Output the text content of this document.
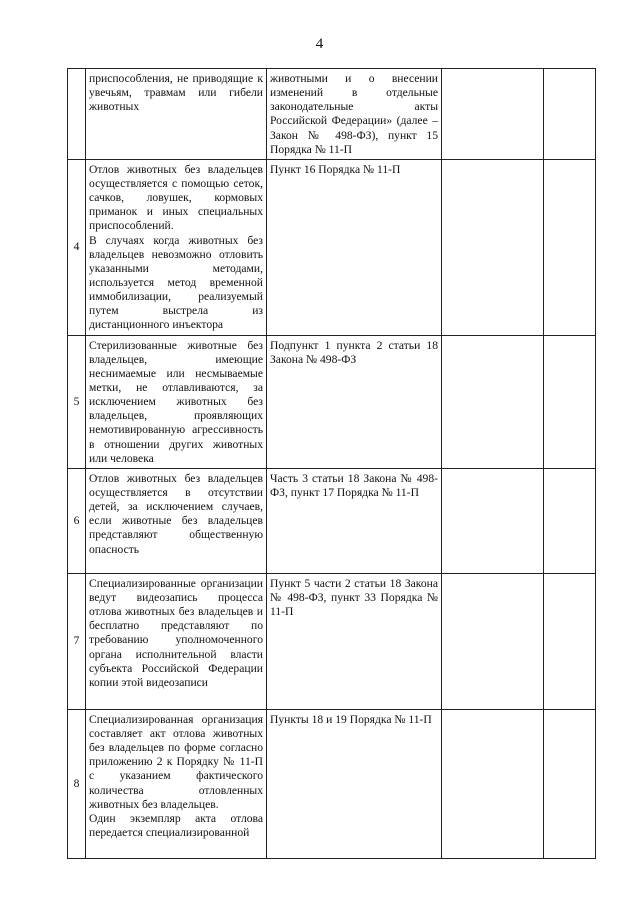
4
	приспособления, не приводящие к увечьям, травмам или гибели животных	животными и о внесении изменений в отдельные законодательные акты Российской Федерации» (далее – Закон № 498-ФЗ), пункт 15 Порядка № 11-П		
4	Отлов животных без владельцев осуществляется с помощью сеток, сачков, ловушек, кормовых приманок и иных специальных приспособлений.
В случаях когда животных без владельцев невозможно отловить указанными методами, используется метод временной иммобилизации, реализуемый путем выстрела из дистанционного инъектора	Пункт 16 Порядка № 11-П		
5	Стерилизованные животные без владельцев, имеющие неснимаемые или несмываемые метки, не отлавливаются, за исключением животных без владельцев, проявляющих немотивированную агрессивность в отношении других животных или человека	Подпункт 1 пункта 2 статьи 18 Закона № 498-ФЗ		
6	Отлов животных без владельцев осуществляется в отсутствии детей, за исключением случаев, если животные без владельцев представляют общественную опасность	Часть 3 статьи 18 Закона № 498-ФЗ, пункт 17 Порядка № 11-П		
7	Специализированные организации ведут видеозапись процесса отлова животных без владельцев и бесплатно представляют по требованию уполномоченного органа исполнительной власти субъекта Российской Федерации копии этой видеозаписи	Пункт 5 части 2 статьи 18 Закона № 498-ФЗ, пункт 33 Порядка № 11-П		
8	Специализированная организация составляет акт отлова животных без владельцев по форме согласно приложению 2 к Порядку № 11-П с указанием фактического количества отловленных животных без владельцев.
Один экземпляр акта отлова передается специализированной	Пункты 18 и 19 Порядка № 11-П		
